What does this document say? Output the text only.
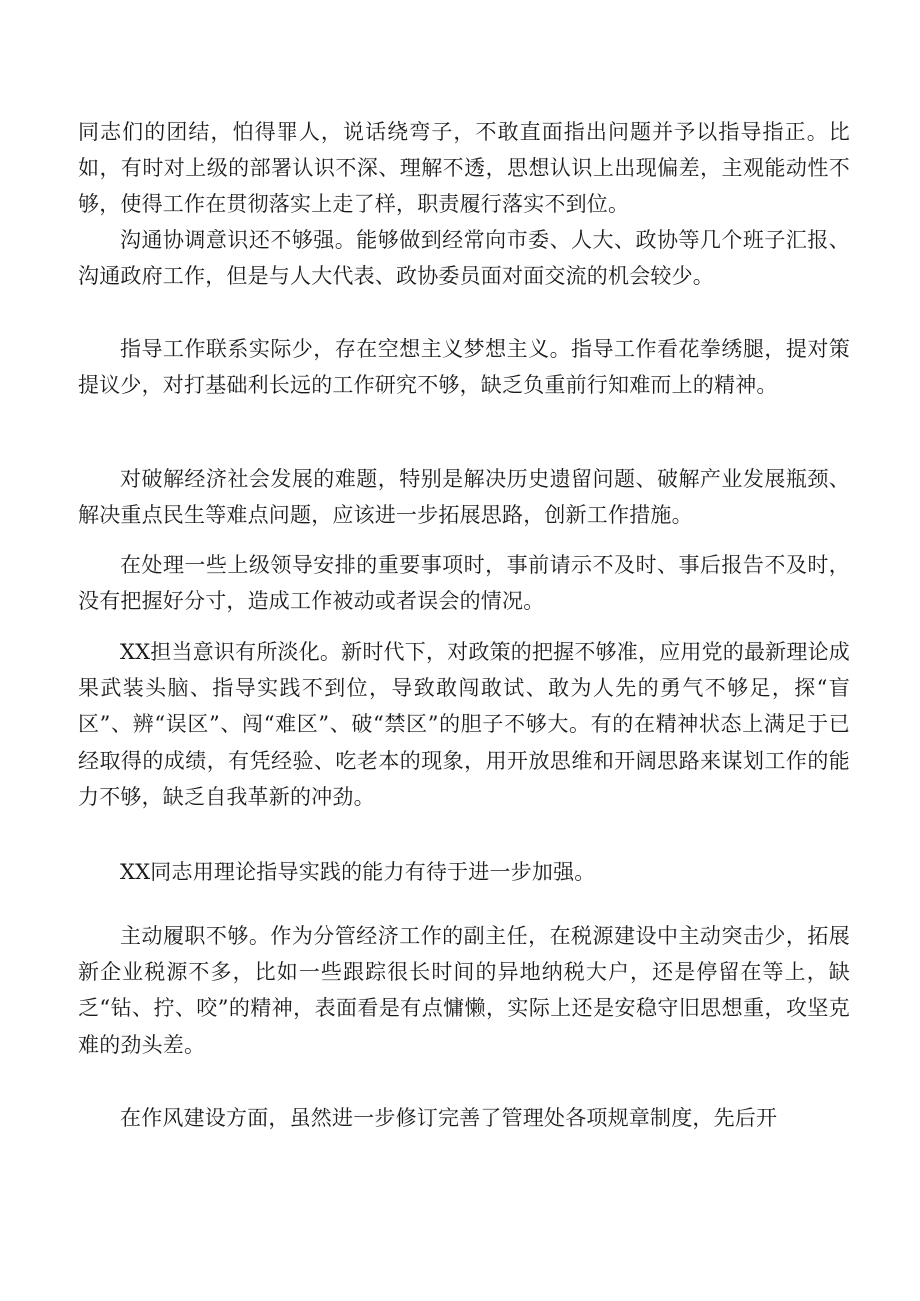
同志们的团结，怕得罪人，说话绕弯子，不敢直面指出问题并予以指导指正。比如，有时对上级的部署认识不深、理解不透，思想认识上出现偏差，主观能动性不够，使得工作在贯彻落实上走了样，职责履行落实不到位。

沟通协调意识还不够强。能够做到经常向市委、人大、政协等几个班子汇报、沟通政府工作，但是与人大代表、政协委员面对面交流的机会较少。

指导工作联系实际少，存在空想主义梦想主义。指导工作看花拳绣腿，提对策提议少，对打基础利长远的工作研究不够，缺乏负重前行知难而上的精神。

对破解经济社会发展的难题，特别是解决历史遗留问题、破解产业发展瓶颈、解决重点民生等难点问题，应该进一步拓展思路，创新工作措施。

在处理一些上级领导安排的重要事项时，事前请示不及时、事后报告不及时，没有把握好分寸，造成工作被动或者误会的情况。

XX担当意识有所淡化。新时代下，对政策的把握不够准，应用党的最新理论成果武装头脑、指导实践不到位，导致敢闯敢试、敢为人先的勇气不够足，探“盲区”、辨“误区”、闯“难区”、破“禁区”的胆子不够大。有的在精神状态上满足于已经取得的成绩，有凭经验、吃老本的现象，用开放思维和开阔思路来谋划工作的能力不够，缺乏自我革新的冲劲。

XX同志用理论指导实践的能力有待于进一步加强。

主动履职不够。作为分管经济工作的副主任，在税源建设中主动突击少，拓展新企业税源不多，比如一些跟踪很长时间的异地纳税大户，还是停留在等上，缺乏“钻、拧、咬”的精神，表面看是有点慵懒，实际上还是安稳守旧思想重，攻坚克难的劲头差。

在作风建设方面，虽然进一步修订完善了管理处各项规章制度，先后开
